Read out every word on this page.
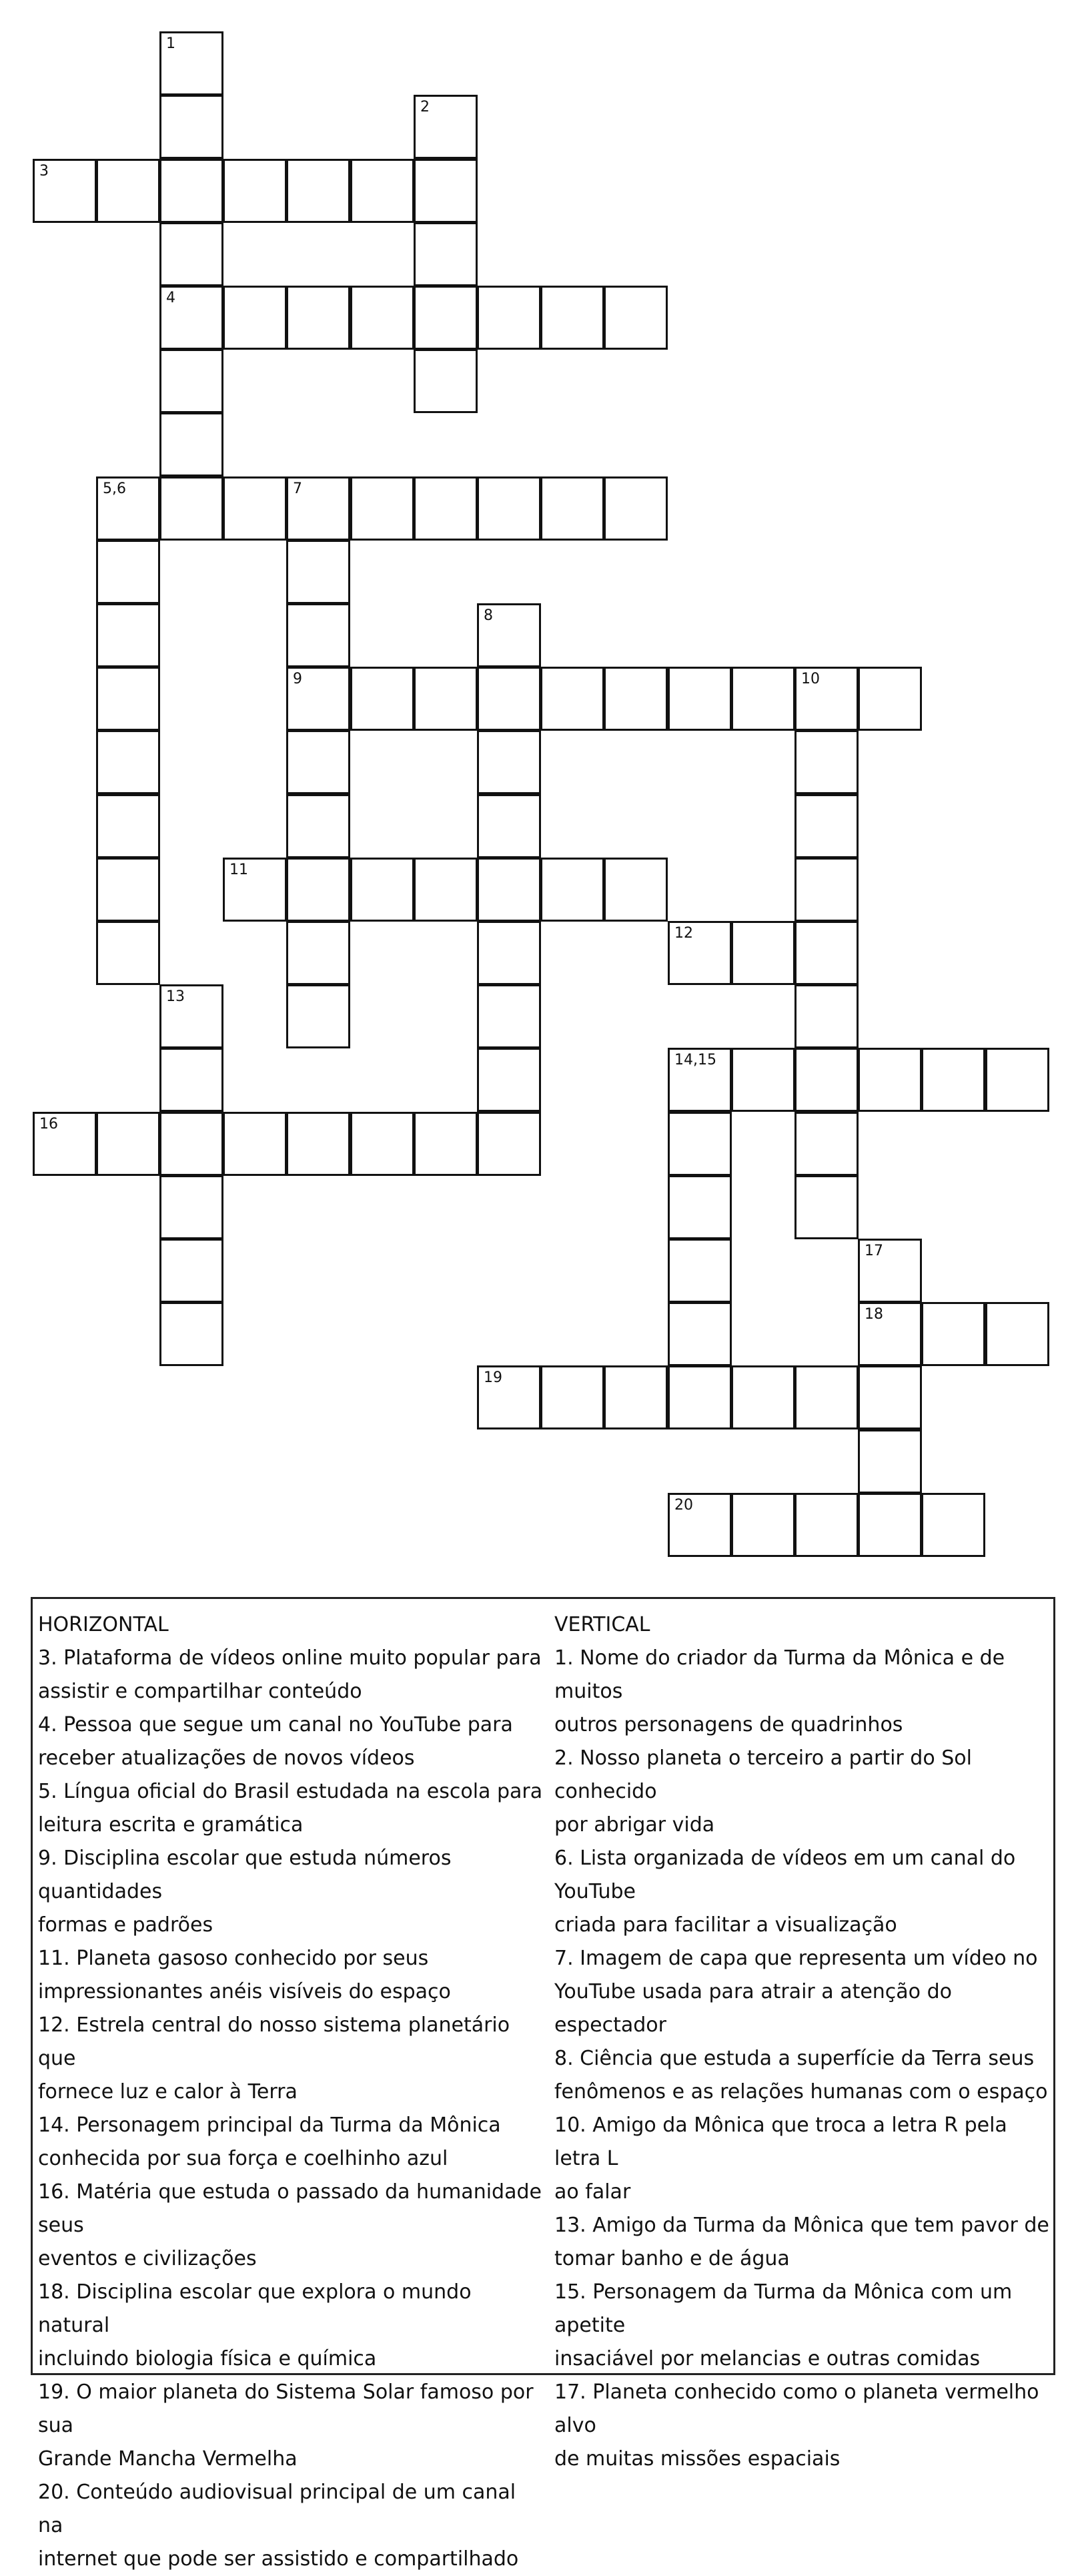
1
2
3
4
5,6	7
8
9	10
11
12
13
14,15
16
17
18
19
20
HORIZONTAL
3. Plataforma de vídeos online muito popular para
assistir e compartilhar conteúdo
4. Pessoa que segue um canal no YouTube para
receber atualizações de novos vídeos
5. Língua oficial do Brasil estudada na escola para
leitura escrita e gramática
9. Disciplina escolar que estuda números quantidades
formas e padrões
11. Planeta gasoso conhecido por seus
impressionantes anéis visíveis do espaço
12. Estrela central do nosso sistema planetário que
fornece luz e calor à Terra
14. Personagem principal da Turma da Mônica
conhecida por sua força e coelhinho azul
16. Matéria que estuda o passado da humanidade seus
eventos e civilizações
18. Disciplina escolar que explora o mundo natural
incluindo biologia física e química
19. O maior planeta do Sistema Solar famoso por sua
Grande Mancha Vermelha
20. Conteúdo audiovisual principal de um canal na
internet que pode ser assistido e compartilhado
VERTICAL
1. Nome do criador da Turma da Mônica e de muitos
outros personagens de quadrinhos
2. Nosso planeta o terceiro a partir do Sol conhecido
por abrigar vida
6. Lista organizada de vídeos em um canal do YouTube
criada para facilitar a visualização
7. Imagem de capa que representa um vídeo no
YouTube usada para atrair a atenção do espectador
8. Ciência que estuda a superfície da Terra seus
fenômenos e as relações humanas com o espaço
10. Amigo da Mônica que troca a letra R pela letra L
ao falar
13. Amigo da Turma da Mônica que tem pavor de
tomar banho e de água
15. Personagem da Turma da Mônica com um apetite
insaciável por melancias e outras comidas
17. Planeta conhecido como o planeta vermelho alvo
de muitas missões espaciais
